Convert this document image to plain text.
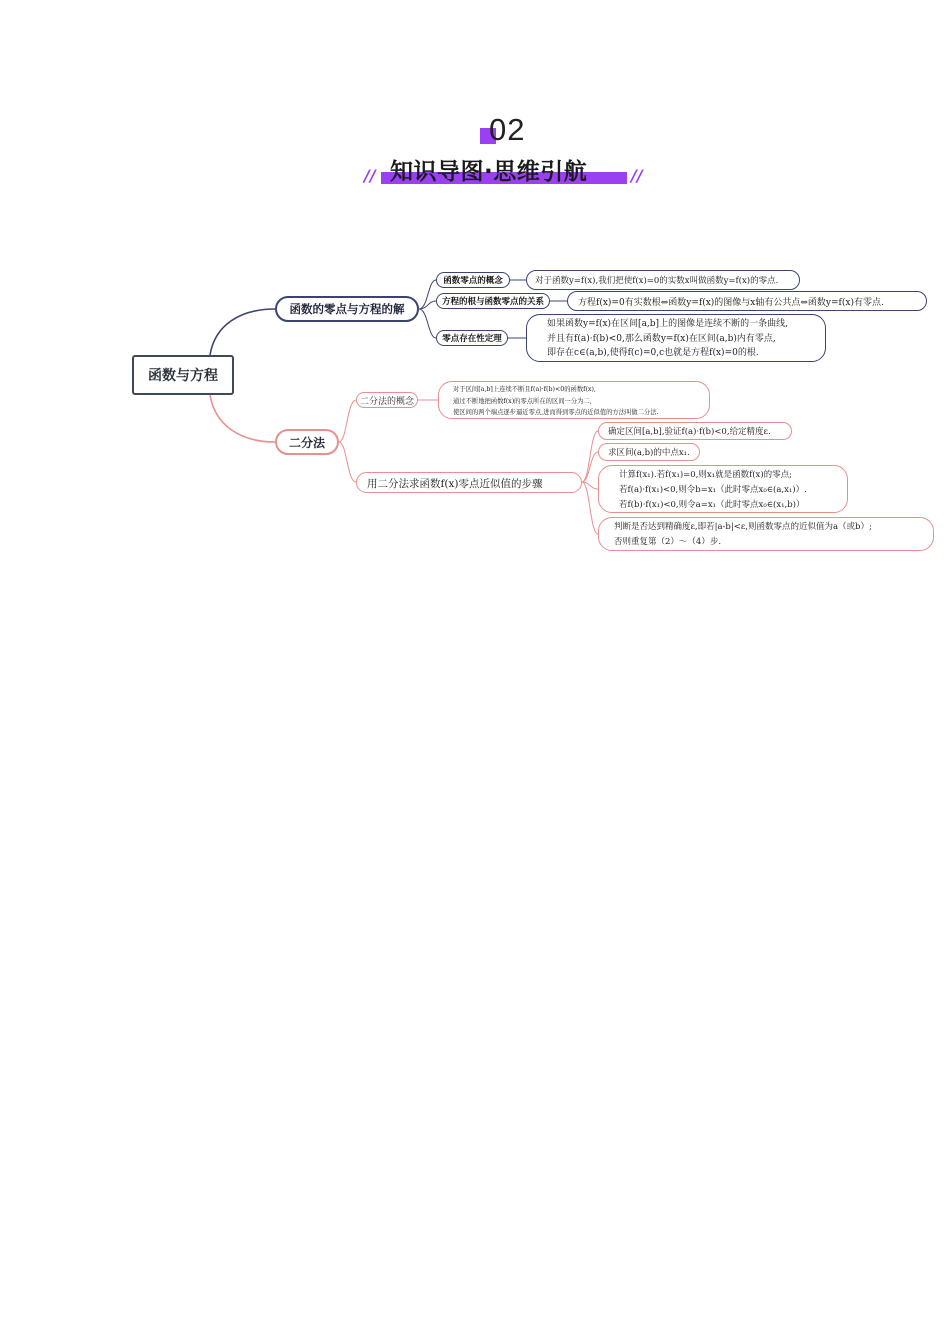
02
// 知识导图·思维引航	//
函数与方程
函数的零点与方程的解
函数零点的概念	对于函数y=f(x),我们把使f(x)=0的实数x叫做函数y=f(x)的零点.
方程的根与函数零点的关系	方程f(x)=0有实数根⇔函数y=f(x)的图像与x轴有公共点⇔函数y=f(x)有零点.
零点存在性定理
如果函数y=f(x)在区间[a,b]上的图像是连续不断的一条曲线,
并且有f(a)·f(b)<0,那么函数y=f(x)在区间(a,b)内有零点,
即存在c∈(a,b),使得f(c)=0,c也就是方程f(x)=0的根.
二分法
二分法的概念
对于区间[a,b]上连续不断且f(a)·f(b)<0的函数f(x),
通过不断地把函数f(x)的零点所在的区间一分为二,
使区间的两个端点逐步逼近零点,进而得到零点的近似值的方法叫做二分法.
用二分法求函数f(x)零点近似值的步骤
确定区间[a,b],验证f(a)·f(b)<0,给定精度ε.
求区间(a,b)的中点x₁.
计算f(x₁).若f(x₁)=0,则x₁就是函数f(x)的零点;
若f(a)·f(x₁)<0,则令b=x₁（此时零点x₀∈(a,x₁)）.
若f(b)·f(x₁)<0,则令a=x₁（此时零点x₀∈(x₁,b)）
判断是否达到精确度ε,即若|a-b|<ε,则函数零点的近似值为a（或b）;
否则重复第（2）～（4）步.
